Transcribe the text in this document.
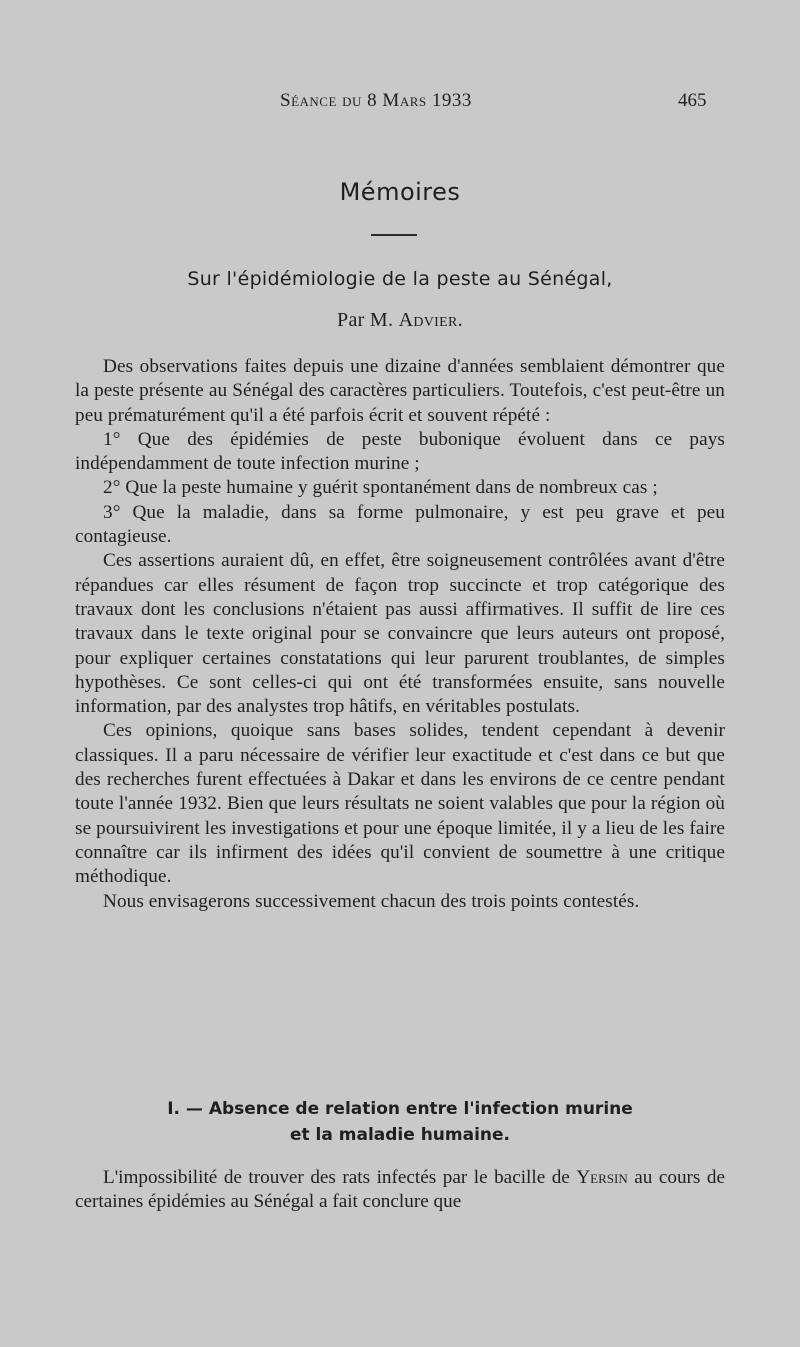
Séance du 8 Mars 1933	465
Mémoires
Sur l'épidémiologie de la peste au Sénégal,
Par M. Advier.

Des observations faites depuis une dizaine d'années semblaient démontrer que la peste présente au Sénégal des caractères particuliers. Toutefois, c'est peut-être un peu prématurément qu'il a été parfois écrit et souvent répété :

1° Que des épidémies de peste bubonique évoluent dans ce pays indépendamment de toute infection murine ;

2° Que la peste humaine y guérit spontanément dans de nombreux cas ;

3° Que la maladie, dans sa forme pulmonaire, y est peu grave et peu contagieuse.

Ces assertions auraient dû, en effet, être soigneusement contrôlées avant d'être répandues car elles résument de façon trop succincte et trop catégorique des travaux dont les conclusions n'étaient pas aussi affirmatives. Il suffit de lire ces travaux dans le texte original pour se convaincre que leurs auteurs ont proposé, pour expliquer certaines constatations qui leur parurent troublantes, de simples hypothèses. Ce sont celles-ci qui ont été transformées ensuite, sans nouvelle information, par des analystes trop hâtifs, en véritables postulats.

Ces opinions, quoique sans bases solides, tendent cependant à devenir classiques. Il a paru nécessaire de vérifier leur exactitude et c'est dans ce but que des recherches furent effectuées à Dakar et dans les environs de ce centre pendant toute l'année 1932. Bien que leurs résultats ne soient valables que pour la région où se poursuivirent les investigations et pour une époque limitée, il y a lieu de les faire connaître car ils infirment des idées qu'il convient de soumettre à une critique méthodique.

Nous envisagerons successivement chacun des trois points contestés.

I. — Absence de relation entre l'infection murine
et la maladie humaine.

L'impossibilité de trouver des rats infectés par le bacille de Yersin au cours de certaines épidémies au Sénégal a fait conclure que
